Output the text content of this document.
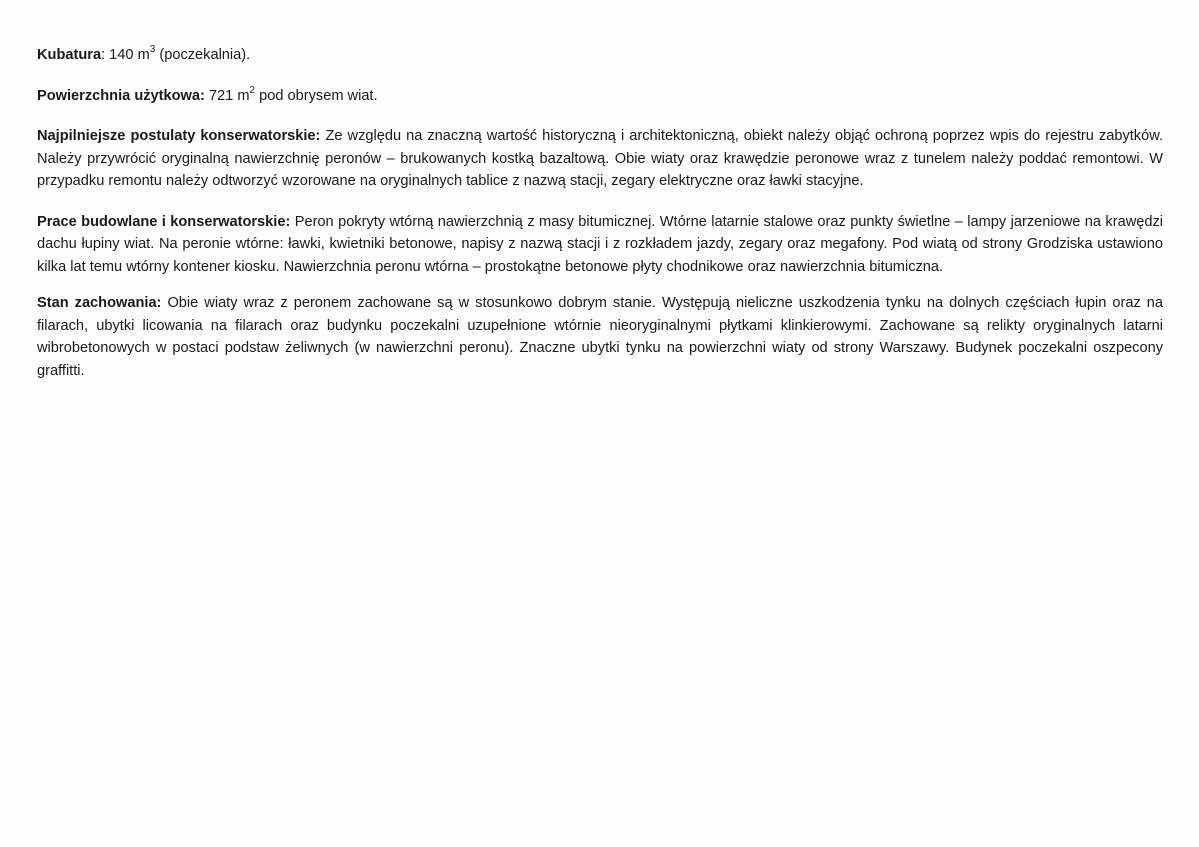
Kubatura: 140 $m^3$ (poczekalnia).

Powierzchnia użytkowa: 721 $m^2$ pod obrysem wiat.

Najpilniejsze postulaty konserwatorskie: Ze względu na znaczną wartość historyczną i architektoniczną, obiekt należy objąć ochroną poprzez wpis do rejestru zabytków. Należy przywrócić oryginalną nawierzchnię peronów – brukowanych kostką bazaltową. Obie wiaty oraz krawędzie peronowe wraz z tunelem należy poddać remontowi. W przypadku remontu należy odtworzyć wzorowane na oryginalnych tablice z nazwą stacji, zegary elektryczne oraz ławki stacyjne.

Prace budowlane i konserwatorskie: Peron pokryty wtórną nawierzchnią z masy bitumicznej. Wtórne latarnie stalowe oraz punkty świetlne – lampy jarzeniowe na krawędzi dachu łupiny wiat. Na peronie wtórne: ławki, kwietniki betonowe, napisy z nazwą stacji i z rozkładem jazdy, zegary oraz megafony. Pod wiatą od strony Grodziska ustawiono kilka lat temu wtórny kontener kiosku. Nawierzchnia peronu wtórna – prostokątne betonowe płyty chodnikowe oraz nawierzchnia bitumiczna.

Stan zachowania: Obie wiaty wraz z peronem zachowane są w stosunkowo dobrym stanie. Występują nieliczne uszkodzenia tynku na dolnych częściach łupin oraz na filarach, ubytki licowania na filarach oraz budynku poczekalni uzupełnione wtórnie nieoryginalnymi płytkami klinkierowymi. Zachowane są relikty oryginalnych latarni wibrobetonowych w postaci podstaw żeliwnych (w nawierzchni peronu). Znaczne ubytki tynku na powierzchni wiaty od strony Warszawy. Budynek poczekalni oszpecony graffitti.
